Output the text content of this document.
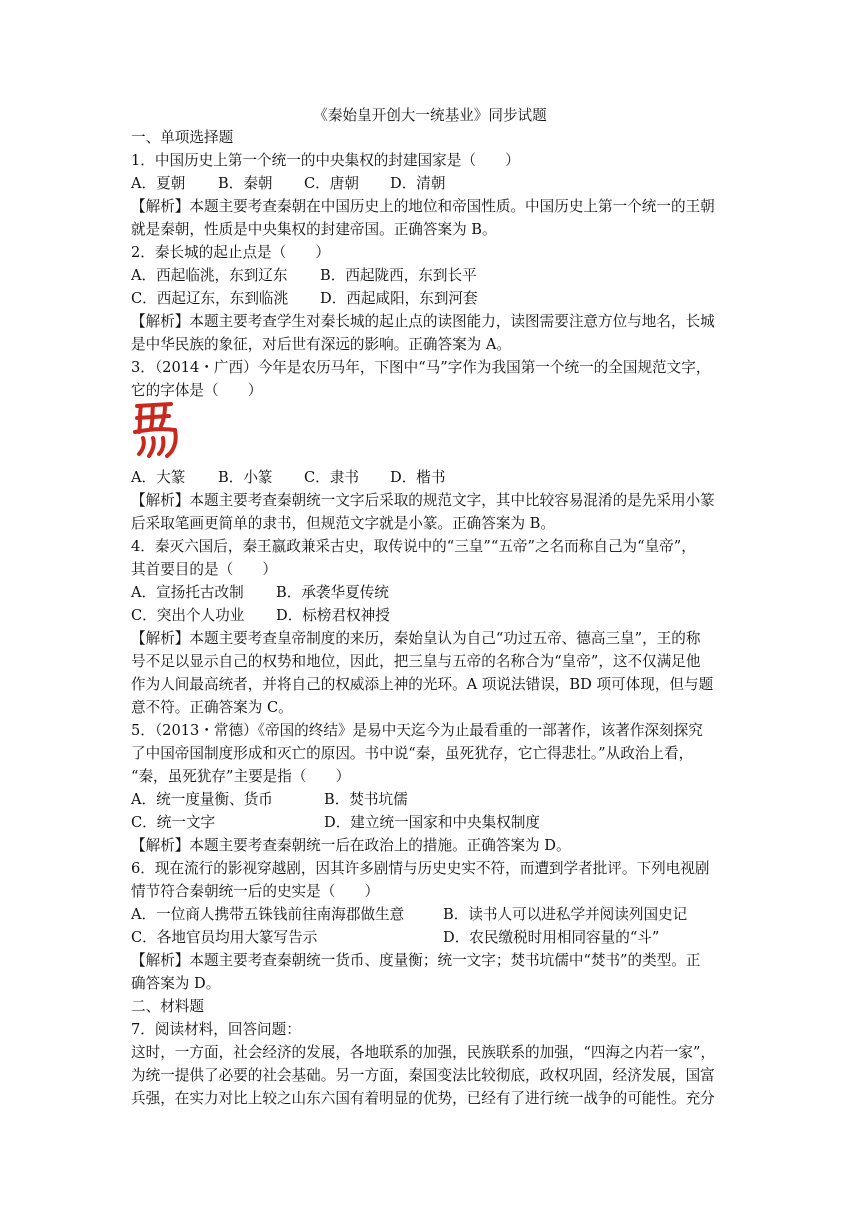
《秦始皇开创大一统基业》同步试题
一、单项选择题
1．中国历史上第一个统一的中央集权的封建国家是（　　）
A．夏朝 B．秦朝 C．唐朝 D．清朝
【解析】本题主要考查秦朝在中国历史上的地位和帝国性质。中国历史上第一个统一的王朝
就是秦朝，性质是中央集权的封建帝国。正确答案为 B。
2．秦长城的起止点是（　　）
A．西起临洮，东到辽东 B．西起陇西，东到长平
C．西起辽东，东到临洮 D．西起咸阳，东到河套
【解析】本题主要考查学生对秦长城的起止点的读图能力，读图需要注意方位与地名，长城
是中华民族的象征，对后世有深远的影响。正确答案为 A。
3．（2014・广西）今年是农历马年，下图中“马”字作为我国第一个统一的全国规范文字，
它的字体是（　　）
A．大篆 B．小篆 C．隶书 D．楷书
【解析】本题主要考查秦朝统一文字后采取的规范文字，其中比较容易混淆的是先采用小篆
后采取笔画更简单的隶书，但规范文字就是小篆。正确答案为 B。
4．秦灭六国后，秦王嬴政兼采古史，取传说中的“三皇”“五帝”之名而称自己为“皇帝”，
其首要目的是（　　）
A．宣扬托古改制 B．承袭华夏传统
C．突出个人功业 D．标榜君权神授
【解析】本题主要考查皇帝制度的来历，秦始皇认为自己“功过五帝、德高三皇”，王的称
号不足以显示自己的权势和地位，因此，把三皇与五帝的名称合为“皇帝”，这不仅满足他
作为人间最高统者，并将自己的权威添上神的光环。A 项说法错误，BD 项可体现，但与题
意不符。正确答案为 C。
5．（2013・常德）《帝国的终结》是易中天迄今为止最看重的一部著作，该著作深刻探究
了中国帝国制度形成和灭亡的原因。书中说“秦，虽死犹存，它亡得悲壮。”从政治上看，
“秦，虽死犹存”主要是指（　　）
A．统一度量衡、货币	B．焚书坑儒
C．统一文字	D．建立统一国家和中央集权制度
【解析】本题主要考查秦朝统一后在政治上的措施。正确答案为 D。
6．现在流行的影视穿越剧，因其许多剧情与历史史实不符，而遭到学者批评。下列电视剧
情节符合秦朝统一后的史实是（　　）
A．一位商人携带五铢钱前往南海郡做生意	B．读书人可以进私学并阅读列国史记
C．各地官员均用大篆写告示	D．农民缴税时用相同容量的“斗”
【解析】本题主要考查秦朝统一货币、度量衡；统一文字；焚书坑儒中“焚书”的类型。正
确答案为 D。
二、材料题
7．阅读材料，回答问题：
这时，一方面，社会经济的发展，各地联系的加强，民族联系的加强，“四海之内若一家”，
为统一提供了必要的社会基础。另一方面，秦国变法比较彻底，政权巩固，经济发展，国富
兵强，在实力对比上较之山东六国有着明显的优势，已经有了进行统一战争的可能性。充分
